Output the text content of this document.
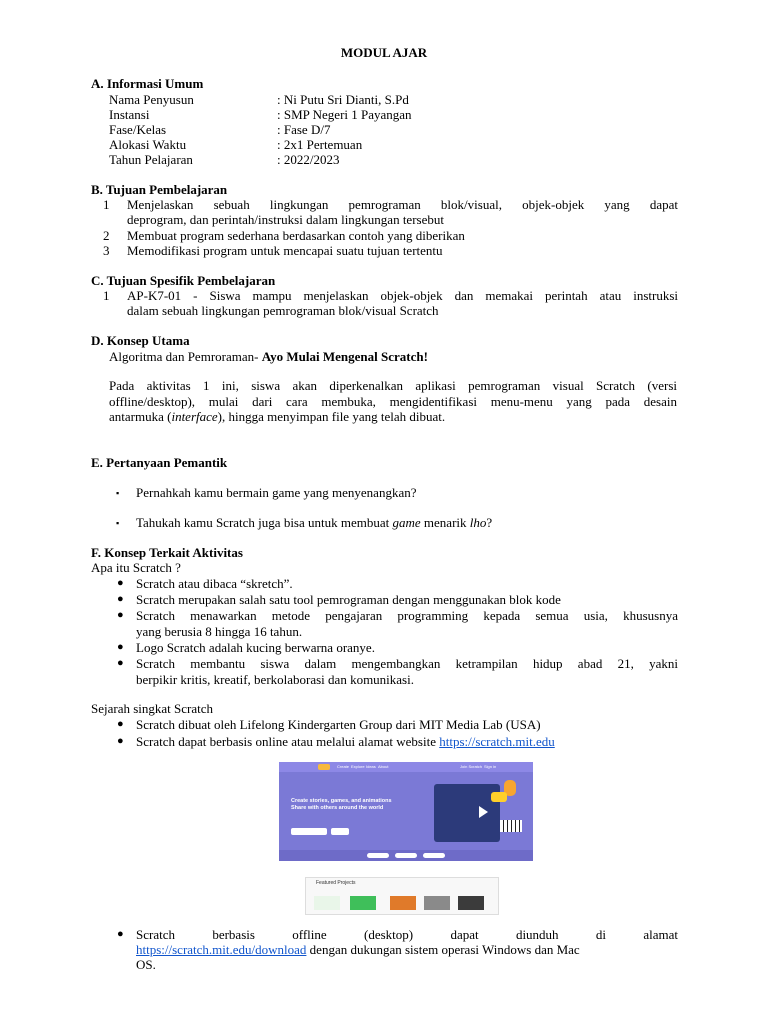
MODUL AJAR
A. Informasi Umum
Nama Penyusun	: Ni Putu Sri Dianti, S.Pd
Instansi	: SMP Negeri 1 Payangan
Fase/Kelas	: Fase D/7
Alokasi Waktu	: 2x1 Pertemuan
Tahun Pelajaran	: 2022/2023
B. Tujuan Pembelajaran
1 Menjelaskan sebuah lingkungan pemrograman blok/visual, objek-objek yang dapat
deprogram, dan perintah/instruksi dalam lingkungan tersebut
2 Membuat program sederhana berdasarkan contoh yang diberikan
3 Memodifikasi program untuk mencapai suatu tujuan tertentu
C. Tujuan Spesifik Pembelajaran
1 AP-K7-01 - Siswa mampu menjelaskan objek-objek dan memakai perintah atau instruksi
dalam sebuah lingkungan pemrograman blok/visual Scratch
D. Konsep Utama
Algoritma dan Pemroraman- Ayo Mulai Mengenal Scratch!
Pada aktivitas 1 ini, siswa akan diperkenalkan aplikasi pemrograman visual Scratch (versi
offline/desktop), mulai dari cara membuka, mengidentifikasi menu-menu yang pada desain
antarmuka (interface), hingga menyimpan file yang telah dibuat.
E. Pertanyaan Pemantik
▪ Pernahkah kamu bermain game yang menyenangkan?
▪ Tahukah kamu Scratch juga bisa untuk membuat game menarik lho?
F. Konsep Terkait Aktivitas
Apa itu Scratch ?
● Scratch atau dibaca “skretch”.
● Scratch merupakan salah satu tool pemrograman dengan menggunakan blok kode
● Scratch menawarkan metode pengajaran programming kepada semua usia, khususnya
yang berusia 8 hingga 16 tahun.
● Logo Scratch adalah kucing berwarna oranye.
● Scratch membantu siswa dalam mengembangkan ketrampilan hidup abad 21, yakni
berpikir kritis, kreatif, berkolaborasi dan komunikasi.
Sejarah singkat Scratch
● Scratch dibuat oleh Lifelong Kindergarten Group dari MIT Media Lab (USA)
● Scratch dapat berbasis online atau melalui alamat website https://scratch.mit.edu
Create Explore Ideas About	Join Scratch Sign in
Create stories, games, and animations
Share with others around the world
Featured Projects
● Scratch berbasis offline (desktop) dapat diunduh di alamat
https://scratch.mit.edu/download dengan dukungan sistem operasi Windows dan Mac
OS.
